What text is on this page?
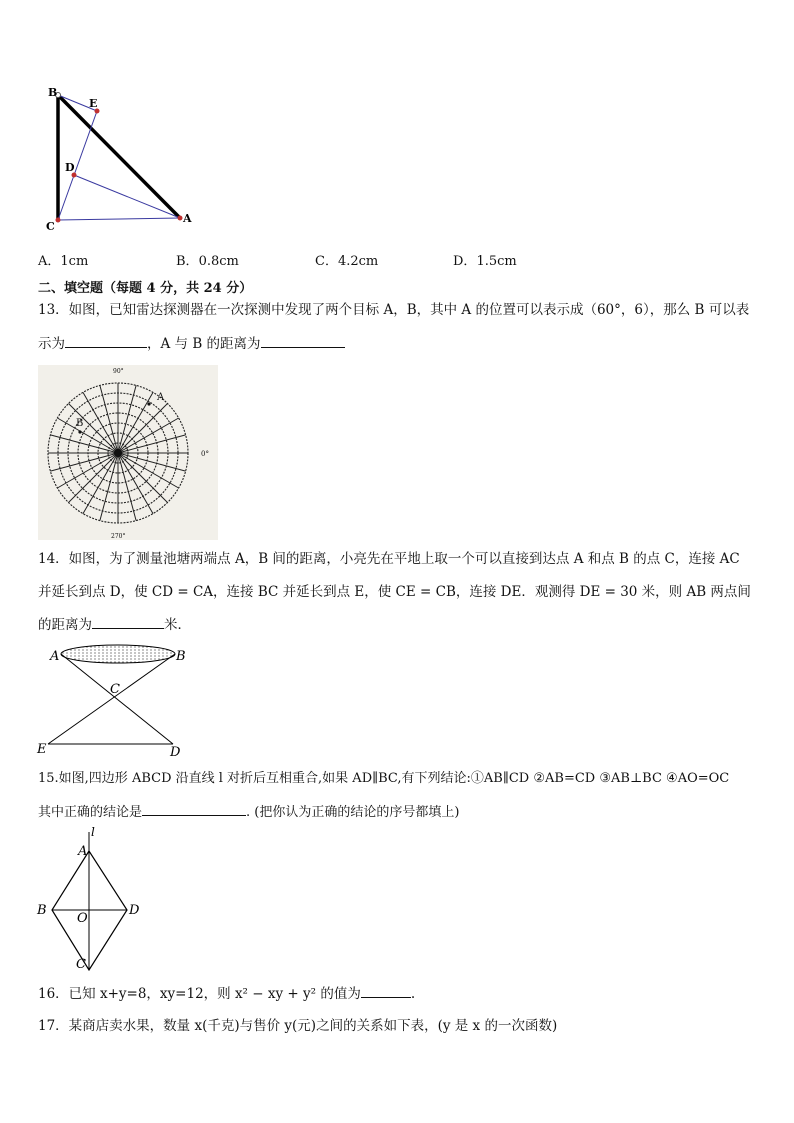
B
E
D
C
A
A．1cm	B．0.8cm	C．4.2cm	D．1.5cm
二、填空题（每题 4 分，共 24 分）
13．如图，已知雷达探测器在一次探测中发现了两个目标 A，B，其中 A 的位置可以表示成（60°，6），那么 B 可以表
示为	，A 与 B 的距离为
90°
0°
270°
A
B
14．如图，为了测量池塘两端点 A，B 间的距离，小亮先在平地上取一个可以直接到达点 A 和点 B 的点 C，连接 AC
并延长到点 D，使 CD = CA，连接 BC 并延长到点 E，使 CE = CB，连接 DE．观测得 DE = 30 米，则 AB 两点间
的距离为	米．
A	B
C
E	D
15.如图,四边形 ABCD 沿直线 l 对折后互相重合,如果 AD∥BC,有下列结论:①AB∥CD ②AB=CD ③AB⊥BC ④AO=OC
其中正确的结论是	. (把你认为正确的结论的序号都填上)
l
A
B
O
D
C
16．已知 x+y=8，xy=12，则 x² − xy + y² 的值为	.
17．某商店卖水果，数量 x(千克)与售价 y(元)之间的关系如下表，(y 是 x 的一次函数)
